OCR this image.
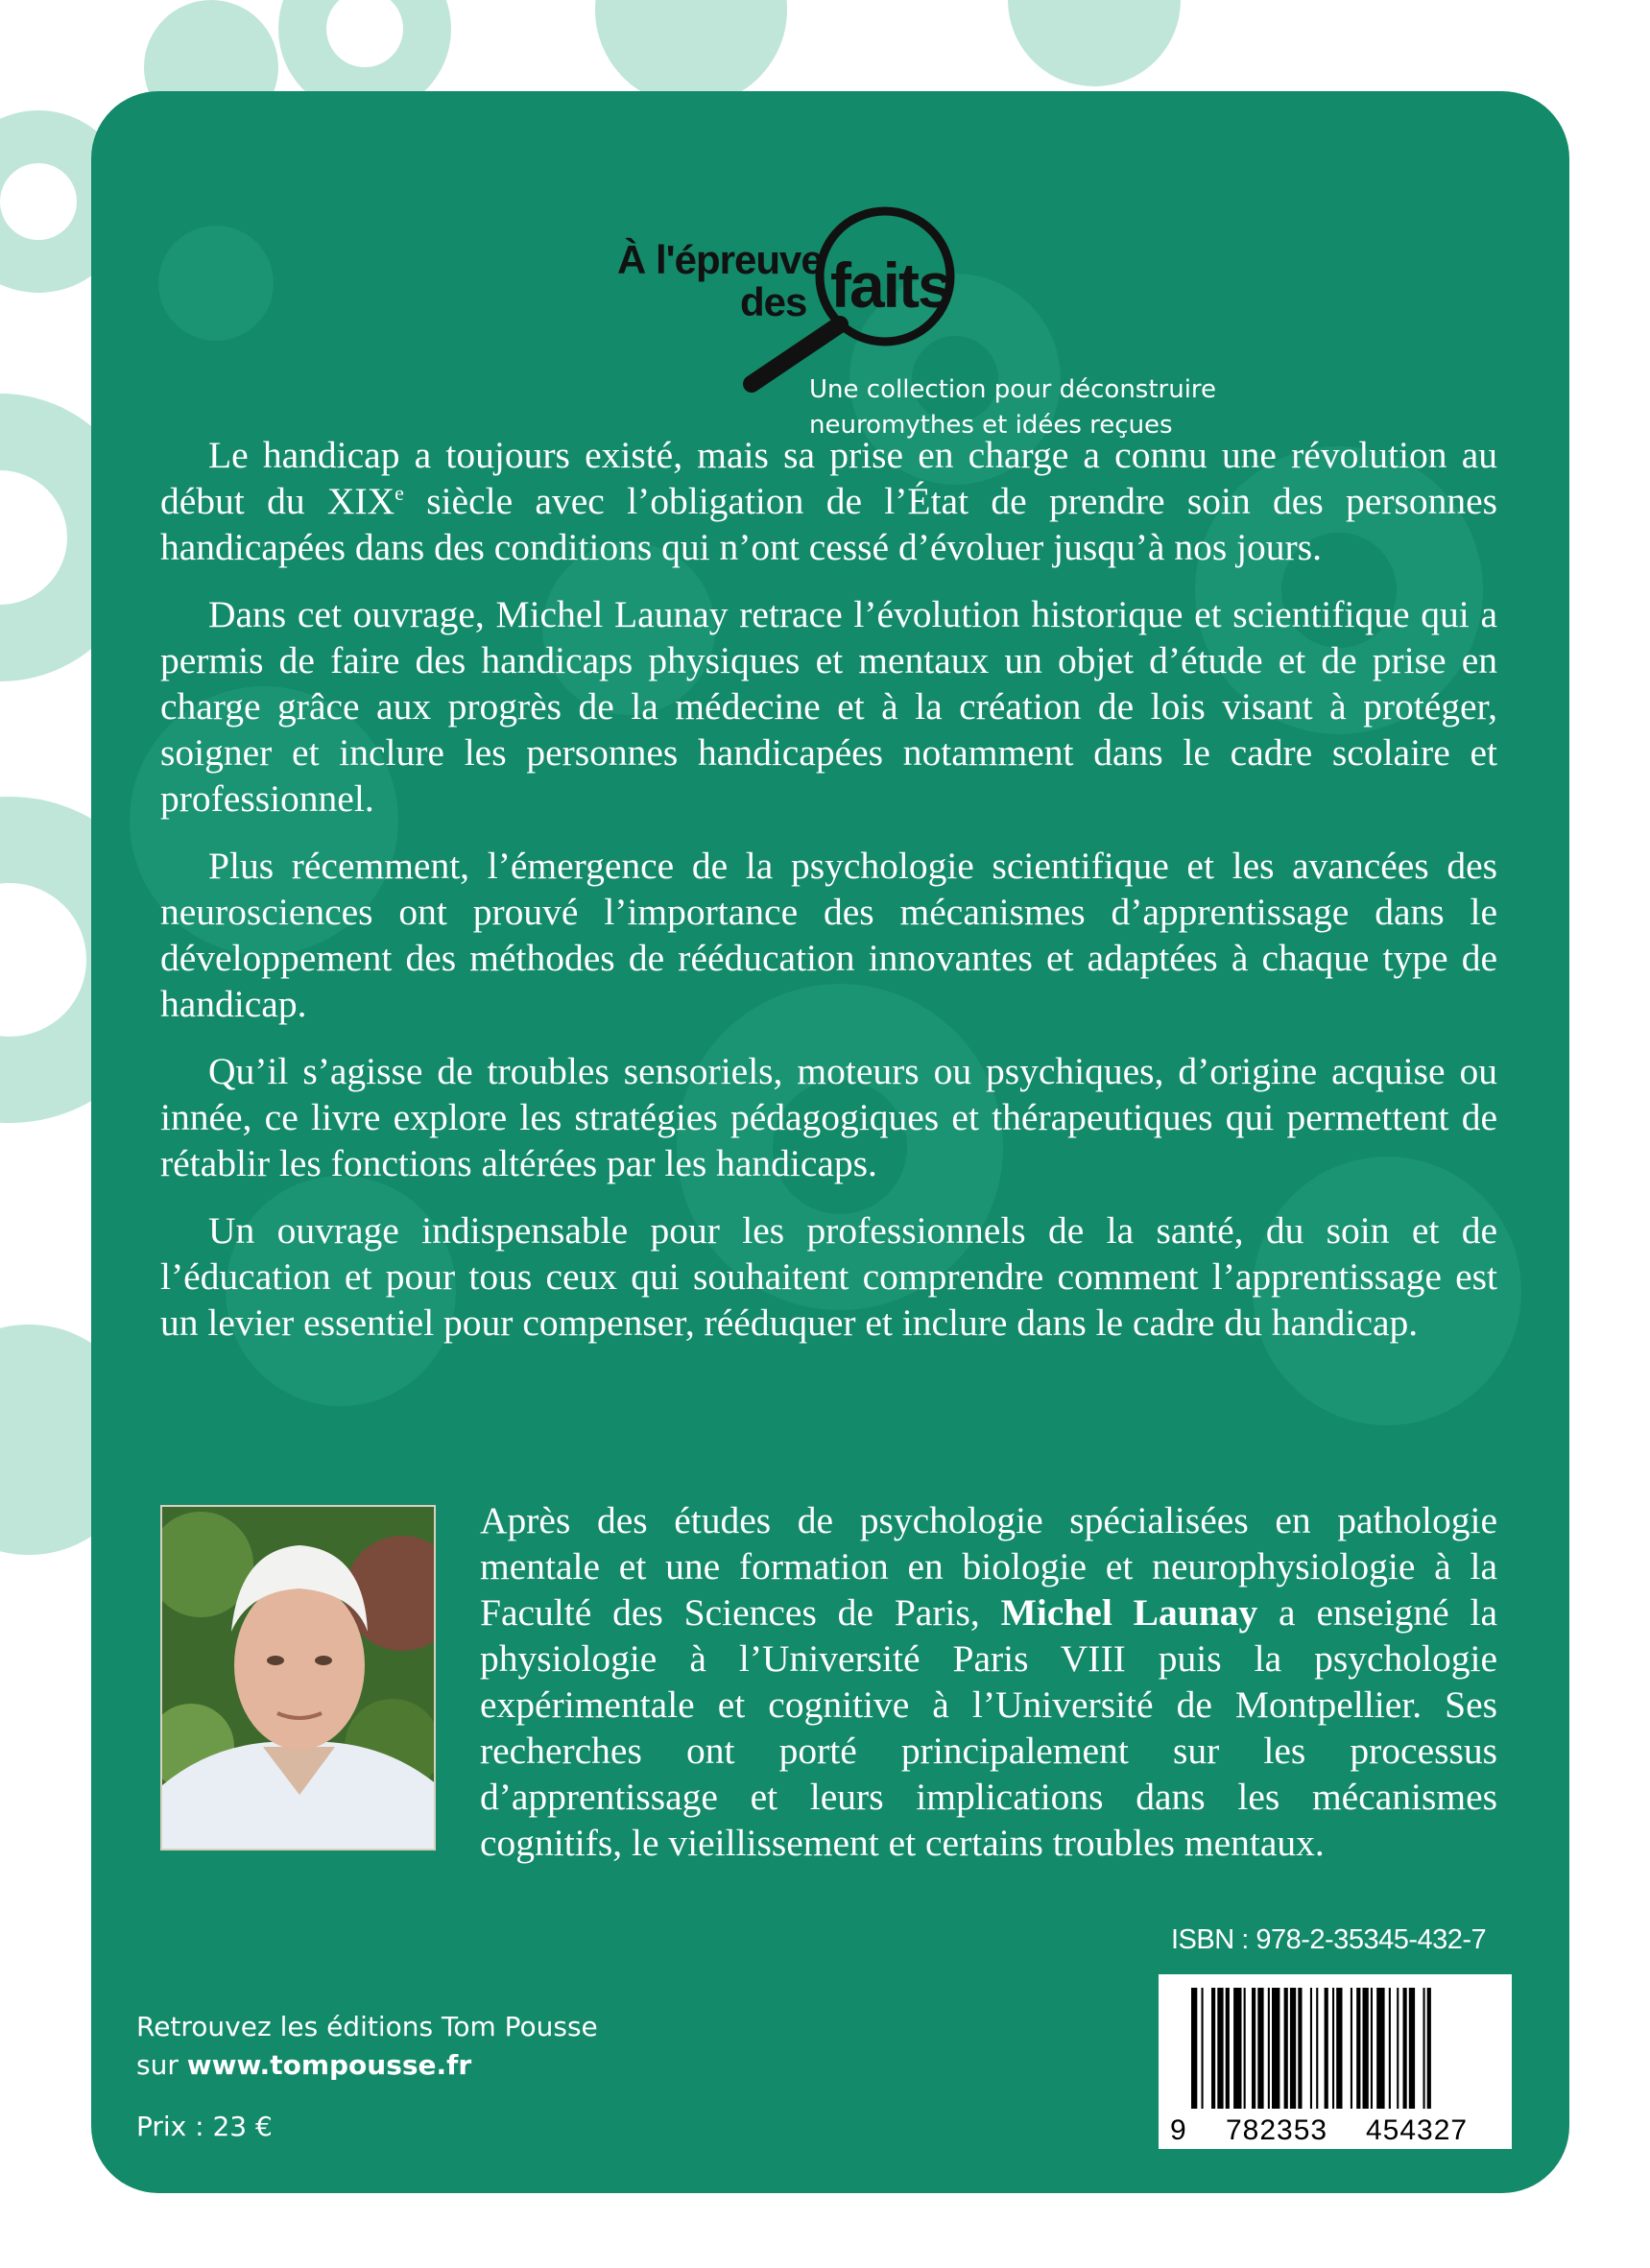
À l'épreuve
des faits
Une collection pour déconstruire
neuromythes et idées reçues

Le handicap a toujours existé, mais sa prise en charge a connu une révolution au début du XIXe siècle avec l’obligation de l’État de prendre soin des personnes handicapées dans des conditions qui n’ont cessé d’évoluer jusqu’à nos jours.

Dans cet ouvrage, Michel Launay retrace l’évolution historique et scientifique qui a permis de faire des handicaps physiques et mentaux un objet d’étude et de prise en charge grâce aux progrès de la médecine et à la création de lois visant à protéger, soigner et inclure les personnes handicapées notamment dans le cadre scolaire et professionnel.

Plus récemment, l’émergence de la psychologie scientifique et les avancées des neurosciences ont prouvé l’importance des mécanismes d’apprentissage dans le développement des méthodes de rééducation innovantes et adaptées à chaque type de handicap.

Qu’il s’agisse de troubles sensoriels, moteurs ou psychiques, d’origine acquise ou innée, ce livre explore les stratégies pédagogiques et thérapeutiques qui permettent de rétablir les fonctions altérées par les handicaps.

Un ouvrage indispensable pour les professionnels de la santé, du soin et de l’éducation et pour tous ceux qui souhaitent comprendre comment l’apprentissage est un levier essentiel pour compenser, rééduquer et inclure dans le cadre du handicap.

Après des études de psychologie spécialisées en pathologie mentale et une formation en biologie et neurophysiologie à la Faculté des Sciences de Paris, Michel Launay a enseigné la physiologie à l’Université Paris VIII puis la psychologie expérimentale et cognitive à l’Université de Montpellier. Ses recherches ont porté principalement sur les processus d’apprentissage et leurs implications dans les mécanismes cognitifs, le vieillissement et certains troubles mentaux.

ISBN : 978-2-35345-432-7
9 782353 454327
Retrouvez les éditions Tom Pousse
sur www.tompousse.fr
Prix : 23 €
